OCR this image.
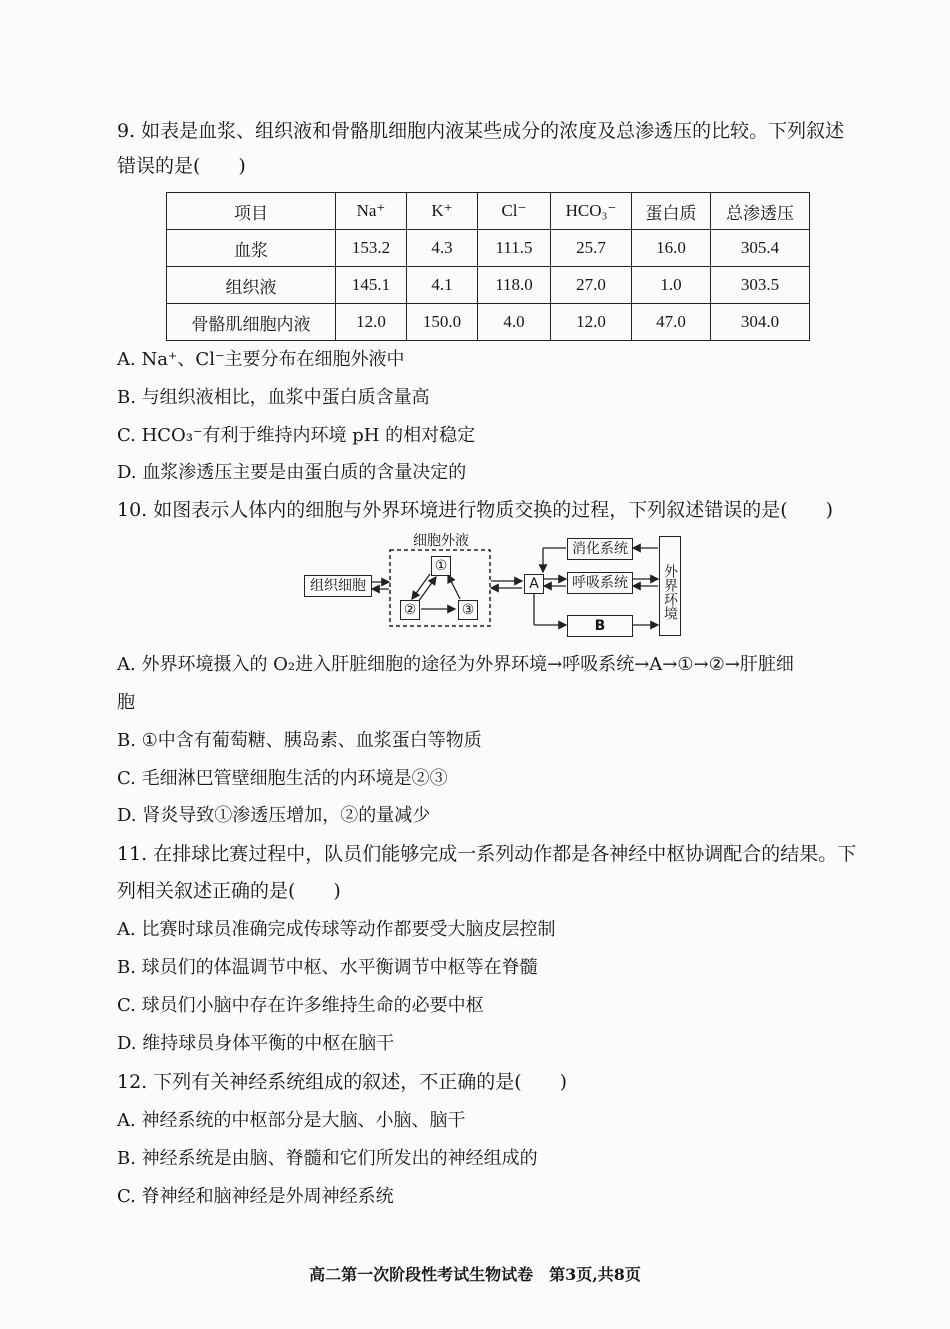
9. 如表是血浆、组织液和骨骼肌细胞内液某些成分的浓度及总渗透压的比较。下列叙述
错误的是(　　)
项目	Na⁺	K⁺	Cl⁻	HCO₃⁻	蛋白质	总渗透压
血浆	153.2	4.3	111.5	25.7	16.0	305.4
组织液	145.1	4.1	118.0	27.0	1.0	303.5
骨骼肌细胞内液	12.0	150.0	4.0	12.0	47.0	304.0
A. Na⁺、Cl⁻主要分布在细胞外液中
B. 与组织液相比，血浆中蛋白质含量高
C. HCO₃⁻有利于维持内环境 pH 的相对稳定
D. 血浆渗透压主要是由蛋白质的含量决定的
10. 如图表示人体内的细胞与外界环境进行物质交换的过程，下列叙述错误的是(　　)
细胞外液
组织细胞
①
②	③
A
消化系统
呼吸系统
B
外界环境
A. 外界环境摄入的 O₂进入肝脏细胞的途径为外界环境→呼吸系统→A→①→②→肝脏细
胞
B. ①中含有葡萄糖、胰岛素、血浆蛋白等物质
C. 毛细淋巴管壁细胞生活的内环境是②③
D. 肾炎导致①渗透压增加，②的量减少
11. 在排球比赛过程中，队员们能够完成一系列动作都是各神经中枢协调配合的结果。下
列相关叙述正确的是(　　)
A. 比赛时球员准确完成传球等动作都要受大脑皮层控制
B. 球员们的体温调节中枢、水平衡调节中枢等在脊髓
C. 球员们小脑中存在许多维持生命的必要中枢
D. 维持球员身体平衡的中枢在脑干
12. 下列有关神经系统组成的叙述，不正确的是(　　)
A. 神经系统的中枢部分是大脑、小脑、脑干
B. 神经系统是由脑、脊髓和它们所发出的神经组成的
C. 脊神经和脑神经是外周神经系统
高二第一次阶段性考试生物试卷　第3页,共8页
